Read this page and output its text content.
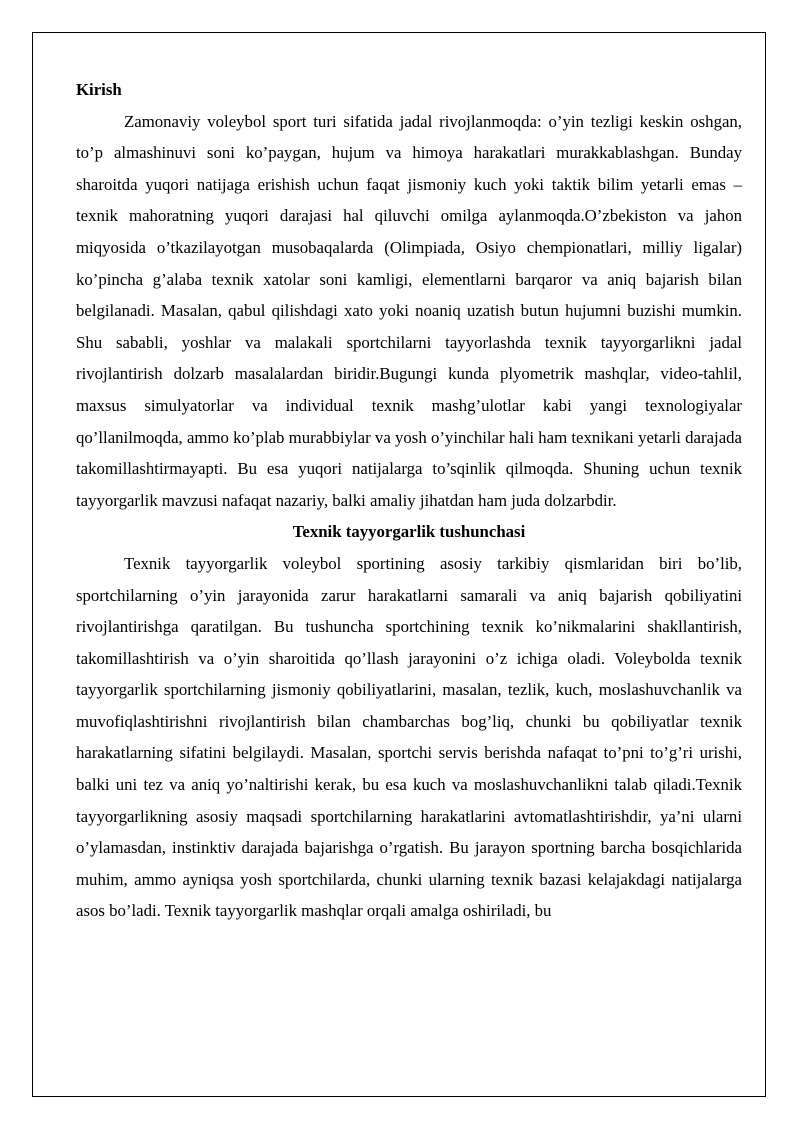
Kirish

Zamonaviy voleybol sport turi sifatida jadal rivojlanmoqda: o’yin tezligi keskin oshgan, to’p almashinuvi soni ko’paygan, hujum va himoya harakatlari murakkablashgan. Bunday sharoitda yuqori natijaga erishish uchun faqat jismoniy kuch yoki taktik bilim yetarli emas – texnik mahoratning yuqori darajasi hal qiluvchi omilga aylanmoqda.O’zbekiston va jahon miqyosida o’tkazilayotgan musobaqalarda (Olimpiada, Osiyo chempionatlari, milliy ligalar) ko’pincha g’alaba texnik xatolar soni kamligi, elementlarni barqaror va aniq bajarish bilan belgilanadi. Masalan, qabul qilishdagi xato yoki noaniq uzatish butun hujumni buzishi mumkin. Shu sababli, yoshlar va malakali sportchilarni tayyorlashda texnik tayyorgarlikni jadal rivojlantirish dolzarb masalalardan biridir.Bugungi kunda plyometrik mashqlar, video-tahlil, maxsus simulyatorlar va individual texnik mashg’ulotlar kabi yangi texnologiyalar qo’llanilmoqda, ammo ko’plab murabbiylar va yosh o’yinchilar hali ham texnikani yetarli darajada takomillashtirmayapti. Bu esa yuqori natijalarga to’sqinlik qilmoqda. Shuning uchun texnik tayyorgarlik mavzusi nafaqat nazariy, balki amaliy jihatdan ham juda dolzarbdir.

Texnik tayyorgarlik tushunchasi

Texnik tayyorgarlik voleybol sportining asosiy tarkibiy qismlaridan biri bo’lib, sportchilarning o’yin jarayonida zarur harakatlarni samarali va aniq bajarish qobiliyatini rivojlantirishga qaratilgan. Bu tushuncha sportchining texnik ko’nikmalarini shakllantirish, takomillashtirish va o’yin sharoitida qo’llash jarayonini o’z ichiga oladi. Voleybolda texnik tayyorgarlik sportchilarning jismoniy qobiliyatlarini, masalan, tezlik, kuch, moslashuvchanlik va muvofiqlashtirishni rivojlantirish bilan chambarchas bog’liq, chunki bu qobiliyatlar texnik harakatlarning sifatini belgilaydi. Masalan, sportchi servis berishda nafaqat to’pni to’g’ri urishi, balki uni tez va aniq yo’naltirishi kerak, bu esa kuch va moslashuvchanlikni talab qiladi.Texnik tayyorgarlikning asosiy maqsadi sportchilarning harakatlarini avtomatlashtirishdir, ya’ni ularni o’ylamasdan, instinktiv darajada bajarishga o’rgatish. Bu jarayon sportning barcha bosqichlarida muhim, ammo ayniqsa yosh sportchilarda, chunki ularning texnik bazasi kelajakdagi natijalarga asos bo’ladi. Texnik tayyorgarlik mashqlar orqali amalga oshiriladi, bu
